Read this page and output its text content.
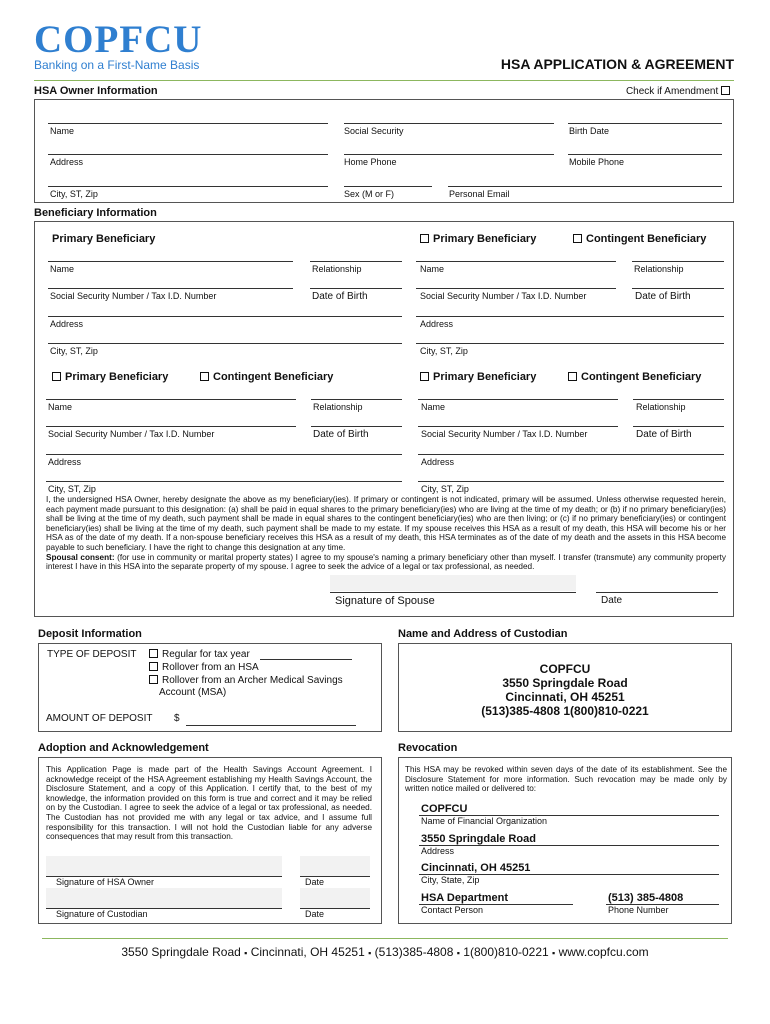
COPFCU
Banking on a First-Name Basis	HSA APPLICATION & AGREEMENT
HSA Owner Information	Check if Amendment
Name	Social Security	Birth Date
Address	Home Phone	Mobile Phone
City, ST, Zip	Sex (M or F)	Personal Email
Beneficiary Information
Primary Beneficiary
Name	Relationship
Social Security Number / Tax I.D. Number	Date of Birth
Address
City, ST, Zip
Primary Beneficiary	Contingent Beneficiary
Name	Relationship
Social Security Number / Tax I.D. Number	Date of Birth
Address
City, ST, Zip
Primary Beneficiary	Contingent Beneficiary
Name	Relationship
Social Security Number / Tax I.D. Number	Date of Birth
Address
City, ST, Zip
Primary Beneficiary	Contingent Beneficiary
Name	Relationship
Social Security Number / Tax I.D. Number	Date of Birth
Address
City, ST, Zip
I, the undersigned HSA Owner, hereby designate the above as my beneficiary(ies). If primary or contingent is not indicated, primary will be assumed. Unless otherwise requested herein, each payment made pursuant to this designation: (a) shall be paid in equal shares to the primary beneficiary(ies) who are living at the time of my death; or (b) if no primary beneficiary(ies) shall be living at the time of my death, such payment shall be made in equal shares to the contingent beneficiary(ies) who are then living; or (c) if no primary beneficiary(ies) or contingent beneficiary(ies) shall be living at the time of my death, such payment shall be made to my estate. If my spouse receives this HSA as a result of my death, this HSA will become his or her HSA as of the date of my death. If a non-spouse beneficiary receives this HSA as a result of my death, this HSA terminates as of the date of my death and the assets in this HSA become payable to such beneficiary. I have the right to change this designation at any time.
Spousal consent: (for use in community or marital property states) I agree to my spouse's naming a primary beneficiary other than myself. I transfer (transmute) any community property interest I have in this HSA into the separate property of my spouse. I agree to seek the advice of a legal or tax professional, as needed.
Signature of Spouse	Date
Deposit Information
TYPE OF DEPOSIT	Regular for tax year
Rollover from an HSA
Rollover from an Archer Medical Savings
Account (MSA)
AMOUNT OF DEPOSIT $
Name and Address of Custodian
COPFCU
3550 Springdale Road
Cincinnati, OH 45251
(513)385-4808 1(800)810-0221
Adoption and Acknowledgement
This Application Page is made part of the Health Savings Account Agreement. I acknowledge receipt of the HSA Agreement establishing my Health Savings Account, the Disclosure Statement, and a copy of this Application. I certify that, to the best of my knowledge, the information provided on this form is true and correct and it may be relied on by the Custodian. I agree to seek the advice of a legal or tax professional, as needed. The Custodian has not provided me with any legal or tax advice, and I assume full responsibility for this transaction. I will not hold the Custodian liable for any adverse consequences that may result from this transaction.
Signature of HSA Owner	Date
Signature of Custodian	Date
Revocation
This HSA may be revoked within seven days of the date of its establishment. See the Disclosure Statement for more information. Such revocation may be made only by written notice mailed or delivered to:
COPFCU
Name of Financial Organization
3550 Springdale Road
Address
Cincinnati, OH 45251
City, State, Zip
HSA Department	(513) 385-4808
Contact Person	Phone Number
3550 Springdale Road ▪ Cincinnati, OH 45251 ▪ (513)385-4808 ▪ 1(800)810-0221 ▪ www.copfcu.com
